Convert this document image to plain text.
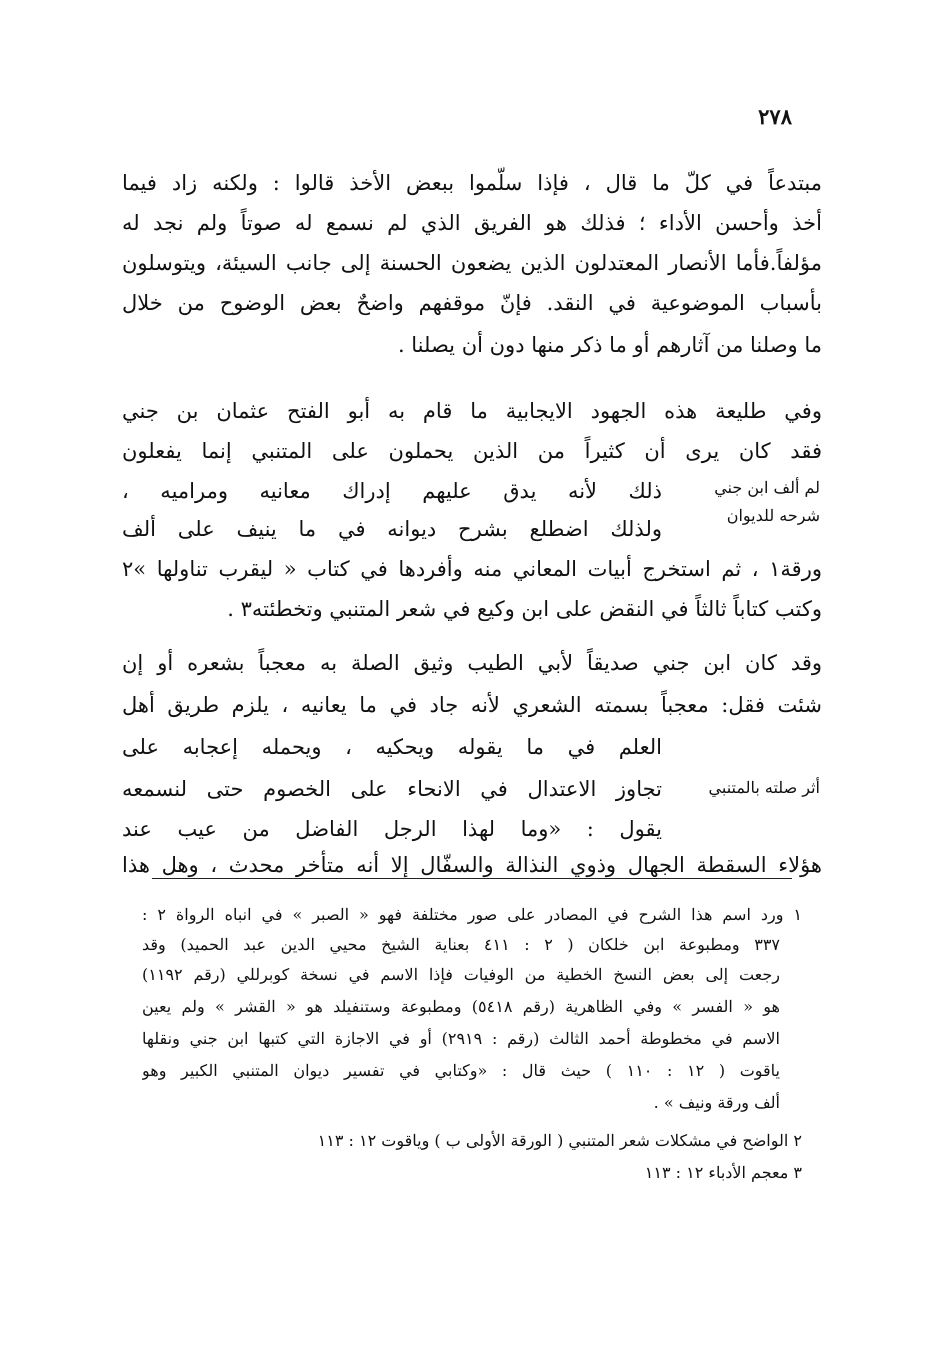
٢٧٨
مبتدعاً في كلّ ما قال ، فإذا سلّموا ببعض الأخذ قالوا : ولكنه زاد فيما
أخذ وأحسن الأداء ؛ فذلك هو الفريق الذي لم نسمع له صوتاً ولم نجد له
مؤلفاً.فأما الأنصار المعتدلون الذين يضعون الحسنة إلى جانب السيئة، ويتوسلون
بأسباب الموضوعية في النقد. فإنّ موقفهم واضحٌ بعض الوضوح من خلال
ما وصلنا من آثارهم أو ما ذكر منها دون أن يصلنا .
وفي طليعة هذه الجهود الايجابية ما قام به أبو الفتح عثمان بن جني
فقد كان يرى أن كثيراً من الذين يحملون على المتنبي إنما يفعلون
ذلك لأنه يدق عليهم إدراك معانيه ومراميه ،
ولذلك اضطلع بشرح ديوانه في ما ينيف على ألف
ورقة١ ، ثم استخرج أبيات المعاني منه وأفردها في كتاب « ليقرب تناولها »٢
وكتب كتاباً ثالثاً في النقض على ابن وكيع في شعر المتنبي وتخطئته٣ .
لم ألف ابن جني
شرحه للديوان
وقد كان ابن جني صديقاً لأبي الطيب وثيق الصلة به معجباً بشعره أو إن
شئت فقل: معجباً بسمته الشعري لأنه جاد في ما يعانيه ، يلزم طريق أهل
العلم في ما يقوله ويحكيه ، ويحمله إعجابه على
تجاوز الاعتدال في الانحاء على الخصوم حتى لنسمعه
يقول : «وما لهذا الرجل الفاضل من عيب عند
هؤلاء السقطة الجهال وذوي النذالة والسفّال إلا أنه متأخر محدث ، وهل هذا
أثر صلته بالمتنبي
١ ورد اسم هذا الشرح في المصادر على صور مختلفة فهو « الصبر » في انباه الرواة ٢ :
٣٣٧ ومطبوعة ابن خلكان ( ٢ : ٤١١ بعناية الشيخ محيي الدين عبد الحميد) وقد
رجعت إلى بعض النسخ الخطية من الوفيات فإذا الاسم في نسخة كوبرللي (رقم ١١٩٢)
هو « الفسر » وفي الظاهرية (رقم ٥٤١٨) ومطبوعة وستنفيلد هو « القشر » ولم يعين
الاسم في مخطوطة أحمد الثالث (رقم : ٢٩١٩) أو في الاجازة التي كتبها ابن جني ونقلها
ياقوت ( ١٢ : ١١٠ ) حيث قال : «وكتابي في تفسير ديوان المتنبي الكبير وهو
ألف ورقة ونيف » .
٢ الواضح في مشكلات شعر المتنبي ( الورقة الأولى ب ) وياقوت ١٢ : ١١٣
٣ معجم الأدباء ١٢ : ١١٣
